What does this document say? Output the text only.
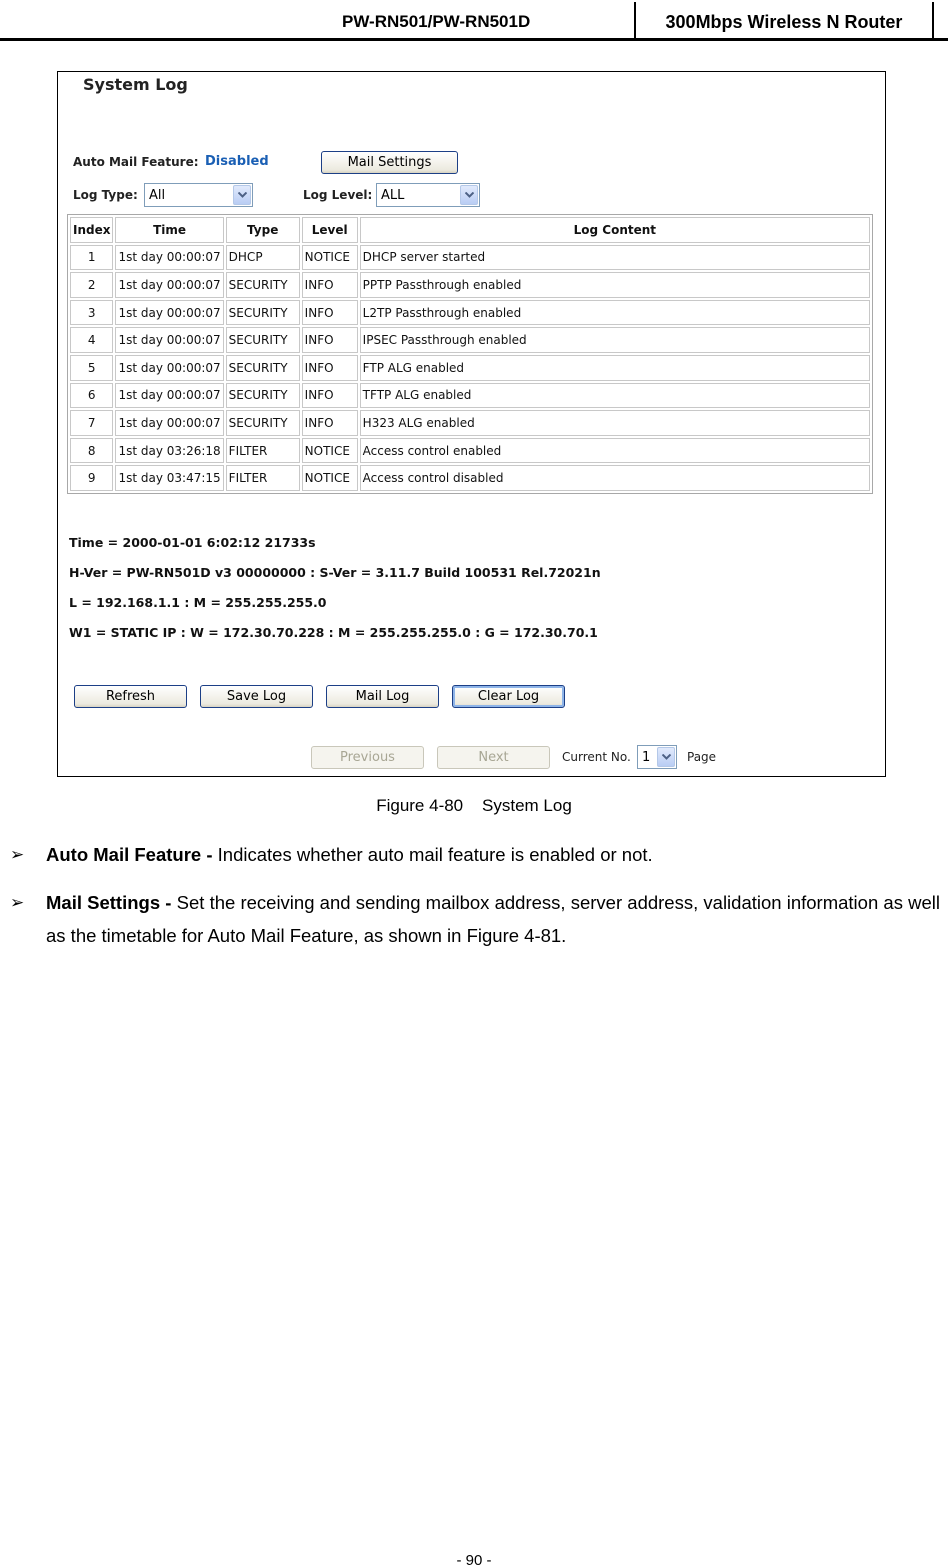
PW-RN501/PW-RN501D	300Mbps Wireless N Router
System Log
Auto Mail Feature: Disabled	Mail Settings
Log Type: All	Log Level: ALL
Index	Time	Type	Level	Log Content
1	1st day 00:00:07	DHCP	NOTICE	DHCP server started
2	1st day 00:00:07	SECURITY	INFO	PPTP Passthrough enabled
3	1st day 00:00:07	SECURITY	INFO	L2TP Passthrough enabled
4	1st day 00:00:07	SECURITY	INFO	IPSEC Passthrough enabled
5	1st day 00:00:07	SECURITY	INFO	FTP ALG enabled
6	1st day 00:00:07	SECURITY	INFO	TFTP ALG enabled
7	1st day 00:00:07	SECURITY	INFO	H323 ALG enabled
8	1st day 03:26:18	FILTER	NOTICE	Access control enabled
9	1st day 03:47:15	FILTER	NOTICE	Access control disabled
Time = 2000-01-01 6:02:12 21733s
H-Ver = PW-RN501D v3 00000000 : S-Ver = 3.11.7 Build 100531 Rel.72021n
L = 192.168.1.1 : M = 255.255.255.0
W1 = STATIC IP : W = 172.30.70.228 : M = 255.255.255.0 : G = 172.30.70.1
Refresh	Save Log	Mail Log	Clear Log
Previous	Next	Current No. 1	Page
Figure 4-80    System Log
➢ Auto Mail Feature - Indicates whether auto mail feature is enabled or not.
➢ Mail Settings - Set the receiving and sending mailbox address, server address, validation information as well as the timetable for Auto Mail Feature, as shown in Figure 4-81.
- 90 -
